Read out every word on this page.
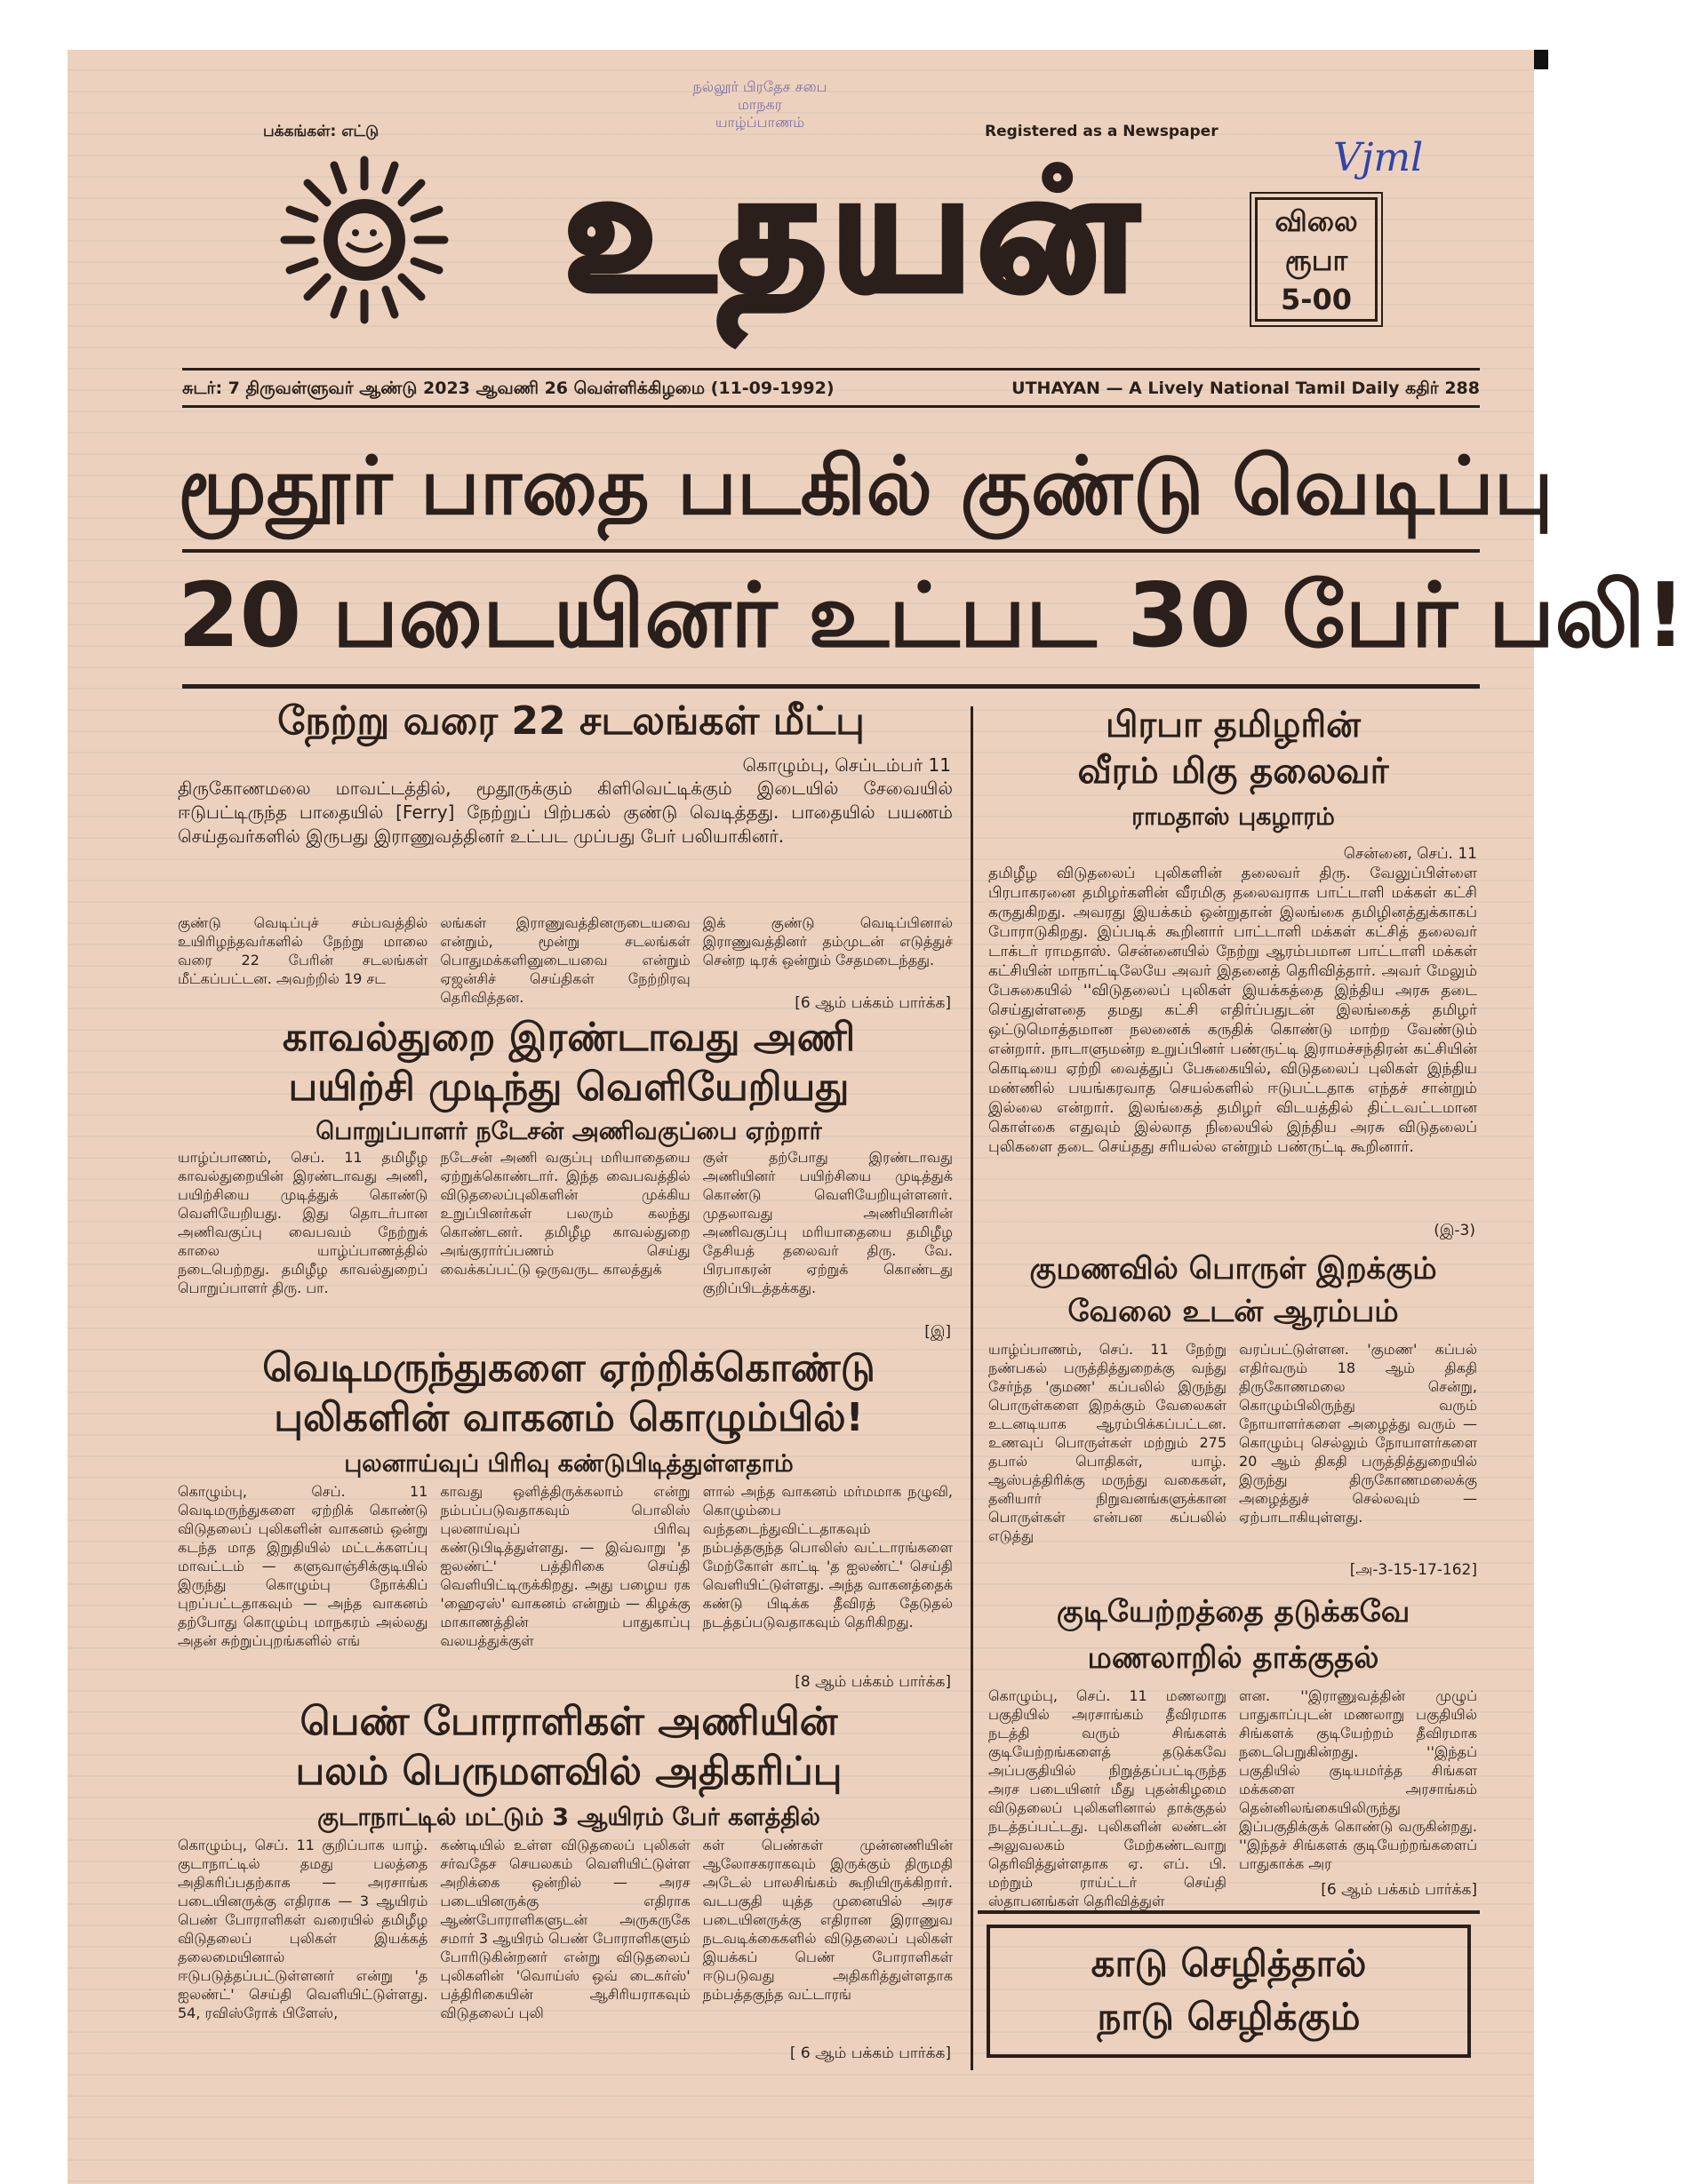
பக்கங்கள்: எட்டு
நல்லூர் பிரதேச சபை
மாநகர
யாழ்ப்பாணம்
Registered as a Newspaper
Vjml
உதயன்	விலை
ரூபா
5-00
சுடர்: 7 திருவள்ளுவர் ஆண்டு 2023 ஆவணி 26 வெள்ளிக்கிழமை (11-09-1992)	UTHAYAN — A Lively National Tamil Daily கதிர் 288
மூதூர் பாதை படகில் குண்டு வெடிப்பு
20 படையினர் உட்பட 30 பேர் பலி!
நேற்று வரை 22 சடலங்கள் மீட்பு
கொழும்பு, செப்டம்பர் 11
திருகோணமலை மாவட்டத்தில், மூதூருக்கும் கிளிவெட்டிக்கும் இடையில் சேவையில் ஈடுபட்டிருந்த பாதையில் [Ferry] நேற்றுப் பிற்பகல் குண்டு வெடித்தது. பாதையில் பயணம் செய்தவர்களில் இருபது இராணுவத்தினர் உட்பட முப்பது பேர் பலியாகினர்.
குண்டு வெடிப்புச் சம்பவத்தில் உயிரிழந்தவர்களில் நேற்று மாலை வரை 22 பேரின் சடலங்கள் மீட்கப்பட்டன. அவற்றில் 19 சட
லங்கள் இராணுவத்தினருடையவை என்றும், மூன்று சடலங்கள் பொதுமக்களினுடையவை என்றும் ஏஜன்சிச் செய்திகள் நேற்றிரவு தெரிவித்தன.
இக் குண்டு வெடிப்பினால் இராணுவத்தினர் தம்முடன் எடுத்துச் சென்ற டிரக் ஒன்றும் சேதமடைந்தது.
[6 ஆம் பக்கம் பார்க்க]
காவல்துறை இரண்டாவது அணி
பயிற்சி முடிந்து வெளியேறியது
பொறுப்பாளர் நடேசன் அணிவகுப்பை ஏற்றார்
யாழ்ப்பாணம், செப். 11 தமிழீழ காவல்துறையின் இரண்டாவது அணி, பயிற்சியை முடித்துக் கொண்டு வெளியேறியது. இது தொடர்பான அணிவகுப்பு வைபவம் நேற்றுக் காலை யாழ்ப்பாணத்தில் நடைபெற்றது. தமிழீழ காவல்துறைப் பொறுப்பாளர் திரு. பா.
நடேசன் அணி வகுப்பு மரியாதையை ஏற்றுக்கொண்டார். இந்த வைபவத்தில் விடுதலைப்புலிகளின் முக்கிய உறுப்பினர்கள் பலரும் கலந்து கொண்டனர். தமிழீழ காவல்துறை அங்குரார்ப்பணம் செய்து வைக்கப்பட்டு ஒருவருட காலத்துக்
குள் தற்போது இரண்டாவது அணியினர் பயிற்சியை முடித்துக் கொண்டு வெளியேறியுள்ளனர். முதலாவது அணியினரின் அணிவகுப்பு மரியாதையை தமிழீழ தேசியத் தலைவர் திரு. வே. பிரபாகரன் ஏற்றுக் கொண்டது குறிப்பிடத்தக்கது.
[இ]
வெடிமருந்துகளை ஏற்றிக்கொண்டு
புலிகளின் வாகனம் கொழும்பில்!
புலனாய்வுப் பிரிவு கண்டுபிடித்துள்ளதாம்
கொழும்பு, செப். 11 வெடிமருந்துகளை ஏற்றிக் கொண்டு விடுதலைப் புலிகளின் வாகனம் ஒன்று கடந்த மாத இறுதியில் மட்டக்களப்பு மாவட்டம் — களுவாஞ்சிக்குடியில் இருந்து கொழும்பு நோக்கிப் புறப்பட்டதாகவும் — அந்த வாகனம் தற்போது கொழும்பு மாநகரம் அல்லது அதன் சுற்றுப்புறங்களில் எங்
காவது ஒளித்திருக்கலாம் என்று நம்பப்படுவதாகவும் பொலிஸ் புலனாய்வுப் பிரிவு கண்டுபிடித்துள்ளது. — இவ்வாறு 'த ஐலண்ட்' பத்திரிகை செய்தி வெளியிட்டிருக்கிறது. அது பழைய ரக 'ஹைஏஸ்' வாகனம் என்றும் — கிழக்கு மாகாணத்தின் பாதுகாப்பு வலயத்துக்குள்
ளால் அந்த வாகனம் மர்மமாக நழுவி, கொழும்பை வந்தடைந்துவிட்டதாகவும் நம்பத்தகுந்த பொலிஸ் வட்டாரங்களை மேற்கோள் காட்டி 'த ஐலண்ட்' செய்தி வெளியிட்டுள்ளது. அந்த வாகனத்தைக் கண்டு பிடிக்க தீவிரத் தேடுதல் நடத்தப்படுவதாகவும் தெரிகிறது.
[8 ஆம் பக்கம் பார்க்க]
பெண் போராளிகள் அணியின்
பலம் பெருமளவில் அதிகரிப்பு
குடாநாட்டில் மட்டும் 3 ஆயிரம் பேர் களத்தில்
கொழும்பு, செப். 11 குறிப்பாக யாழ். குடாநாட்டில் தமது பலத்தை அதிகரிப்பதற்காக — அரசாங்க படையினருக்கு எதிராக — 3 ஆயிரம் பெண் போராளிகள் வரையில் தமிழீழ விடுதலைப் புலிகள் இயக்கத் தலைமையினால் ஈடுபடுத்தப்பட்டுள்ளனர் என்று 'த ஐலண்ட்' செய்தி வெளியிட்டுள்ளது. 54, ரவிஸ்ரோக் பிளேஸ்,
கண்டியில் உள்ள விடுதலைப் புலிகள் சர்வதேச செயலகம் வெளியிட்டுள்ள அறிக்கை ஒன்றில் — அரச படையினருக்கு எதிராக ஆண்போராளிகளுடன் அருகருகே சமார் 3 ஆயிரம் பெண் போராளிகளும் போரிடுகின்றனர் என்று விடுதலைப் புலிகளின் 'வொய்ஸ் ஒவ் டைகர்ஸ்' பத்திரிகையின் ஆசிரியராகவும் விடுதலைப் புலி
கள் பெண்கள் முன்னணியின் ஆலோசகராகவும் இருக்கும் திருமதி அடேல் பாலசிங்கம் கூறியிருக்கிறார். வடபகுதி யுத்த முனையில் அரச படையினருக்கு எதிரான இராணுவ நடவடிக்கைகளில் விடுதலைப் புலிகள் இயக்கப் பெண் போராளிகள் ஈடுபடுவது அதிகரித்துள்ளதாக நம்பத்தகுந்த வட்டாரங்
[ 6 ஆம் பக்கம் பார்க்க]
பிரபா தமிழரின்
வீரம் மிகு தலைவர்
ராமதாஸ் புகழாரம்
சென்னை, செப். 11
தமிழீழ விடுதலைப் புலிகளின் தலைவர் திரு. வேலுப்பிள்ளை பிரபாகரனை தமிழர்களின் வீரமிகு தலைவராக பாட்டாளி மக்கள் கட்சி கருதுகிறது. அவரது இயக்கம் ஒன்றுதான் இலங்கை தமிழினத்துக்காகப் போராடுகிறது. இப்படிக் கூறினார் பாட்டாளி மக்கள் கட்சித் தலைவர் டாக்டர் ராமதாஸ். சென்னையில் நேற்று ஆரம்பமான பாட்டாளி மக்கள் கட்சியின் மாநாட்டிலேயே அவர் இதனைத் தெரிவித்தார். அவர் மேலும் பேசுகையில் ''விடுதலைப் புலிகள் இயக்கத்தை இந்திய அரசு தடை செய்துள்ளதை தமது கட்சி எதிர்ப்பதுடன் இலங்கைத் தமிழர் ஒட்டுமொத்தமான நலனைக் கருதிக் கொண்டு மாற்ற வேண்டும் என்றார். நாடாளுமன்ற உறுப்பினர் பண்ருட்டி இராமச்சந்திரன் கட்சியின் கொடியை ஏற்றி வைத்துப் பேசுகையில், விடுதலைப் புலிகள் இந்திய மண்ணில் பயங்கரவாத செயல்களில் ஈடுபட்டதாக எந்தச் சான்றும் இல்லை என்றார். இலங்கைத் தமிழர் விடயத்தில் திட்டவட்டமான கொள்கை எதுவும் இல்லாத நிலையில் இந்திய அரசு விடுதலைப் புலிகளை தடை செய்தது சரியல்ல என்றும் பண்ருட்டி கூறினார்.
(இ-3)
குமணவில் பொருள் இறக்கும்
வேலை உடன் ஆரம்பம்
யாழ்ப்பாணம், செப். 11 நேற்று நண்பகல் பருத்தித்துறைக்கு வந்து சேர்ந்த 'குமண' கப்பலில் இருந்து பொருள்களை இறக்கும் வேலைகள் உடனடியாக ஆரம்பிக்கப்பட்டன. உணவுப் பொருள்கள் மற்றும் 275 தபால் பொதிகள், யாழ். ஆஸ்பத்திரிக்கு மருந்து வகைகள், தனியார் நிறுவனங்களுக்கான பொருள்கள் என்பன கப்பலில் எடுத்து
வரப்பட்டுள்ளன. 'குமண' கப்பல் எதிர்வரும் 18 ஆம் திகதி திருகோணமலை சென்று, கொழும்பிலிருந்து வரும் நோயாளர்களை அழைத்து வரும் — கொழும்பு செல்லும் நோயாளர்களை 20 ஆம் திகதி பருத்தித்துறையில் இருந்து திருகோணமலைக்கு அழைத்துச் செல்லவும் — ஏற்பாடாகியுள்ளது.
[அ-3-15-17-162]
குடியேற்றத்தை தடுக்கவே
மணலாறில் தாக்குதல்
கொழும்பு, செப். 11 மணலாறு பகுதியில் அரசாங்கம் தீவிரமாக நடத்தி வரும் சிங்களக் குடியேற்றங்களைத் தடுக்கவே அப்பகுதியில் நிறுத்தப்பட்டிருந்த அரச படையினர் மீது புதன்கிழமை விடுதலைப் புலிகளினால் தாக்குதல் நடத்தப்பட்டது. புலிகளின் லண்டன் அலுவலகம் மேற்கண்டவாறு தெரிவித்துள்ளதாக ஏ. எப். பி. மற்றும் ராய்ட்டர் செய்தி ஸ்தாபனங்கள் தெரிவித்துள்
ளன. ''இராணுவத்தின் முழுப் பாதுகாப்புடன் மணலாறு பகுதியில் சிங்களக் குடியேற்றம் தீவிரமாக நடைபெறுகின்றது. ''இந்தப் பகுதியில் குடியமர்த்த சிங்கள மக்களை அரசாங்கம் தென்னிலங்கையிலிருந்து இப்பகுதிக்குக் கொண்டு வருகின்றது. ''இந்தச் சிங்களக் குடியேற்றங்களைப் பாதுகாக்க அர
[6 ஆம் பக்கம் பார்க்க]
காடு செழித்தால்
நாடு செழிக்கும்
